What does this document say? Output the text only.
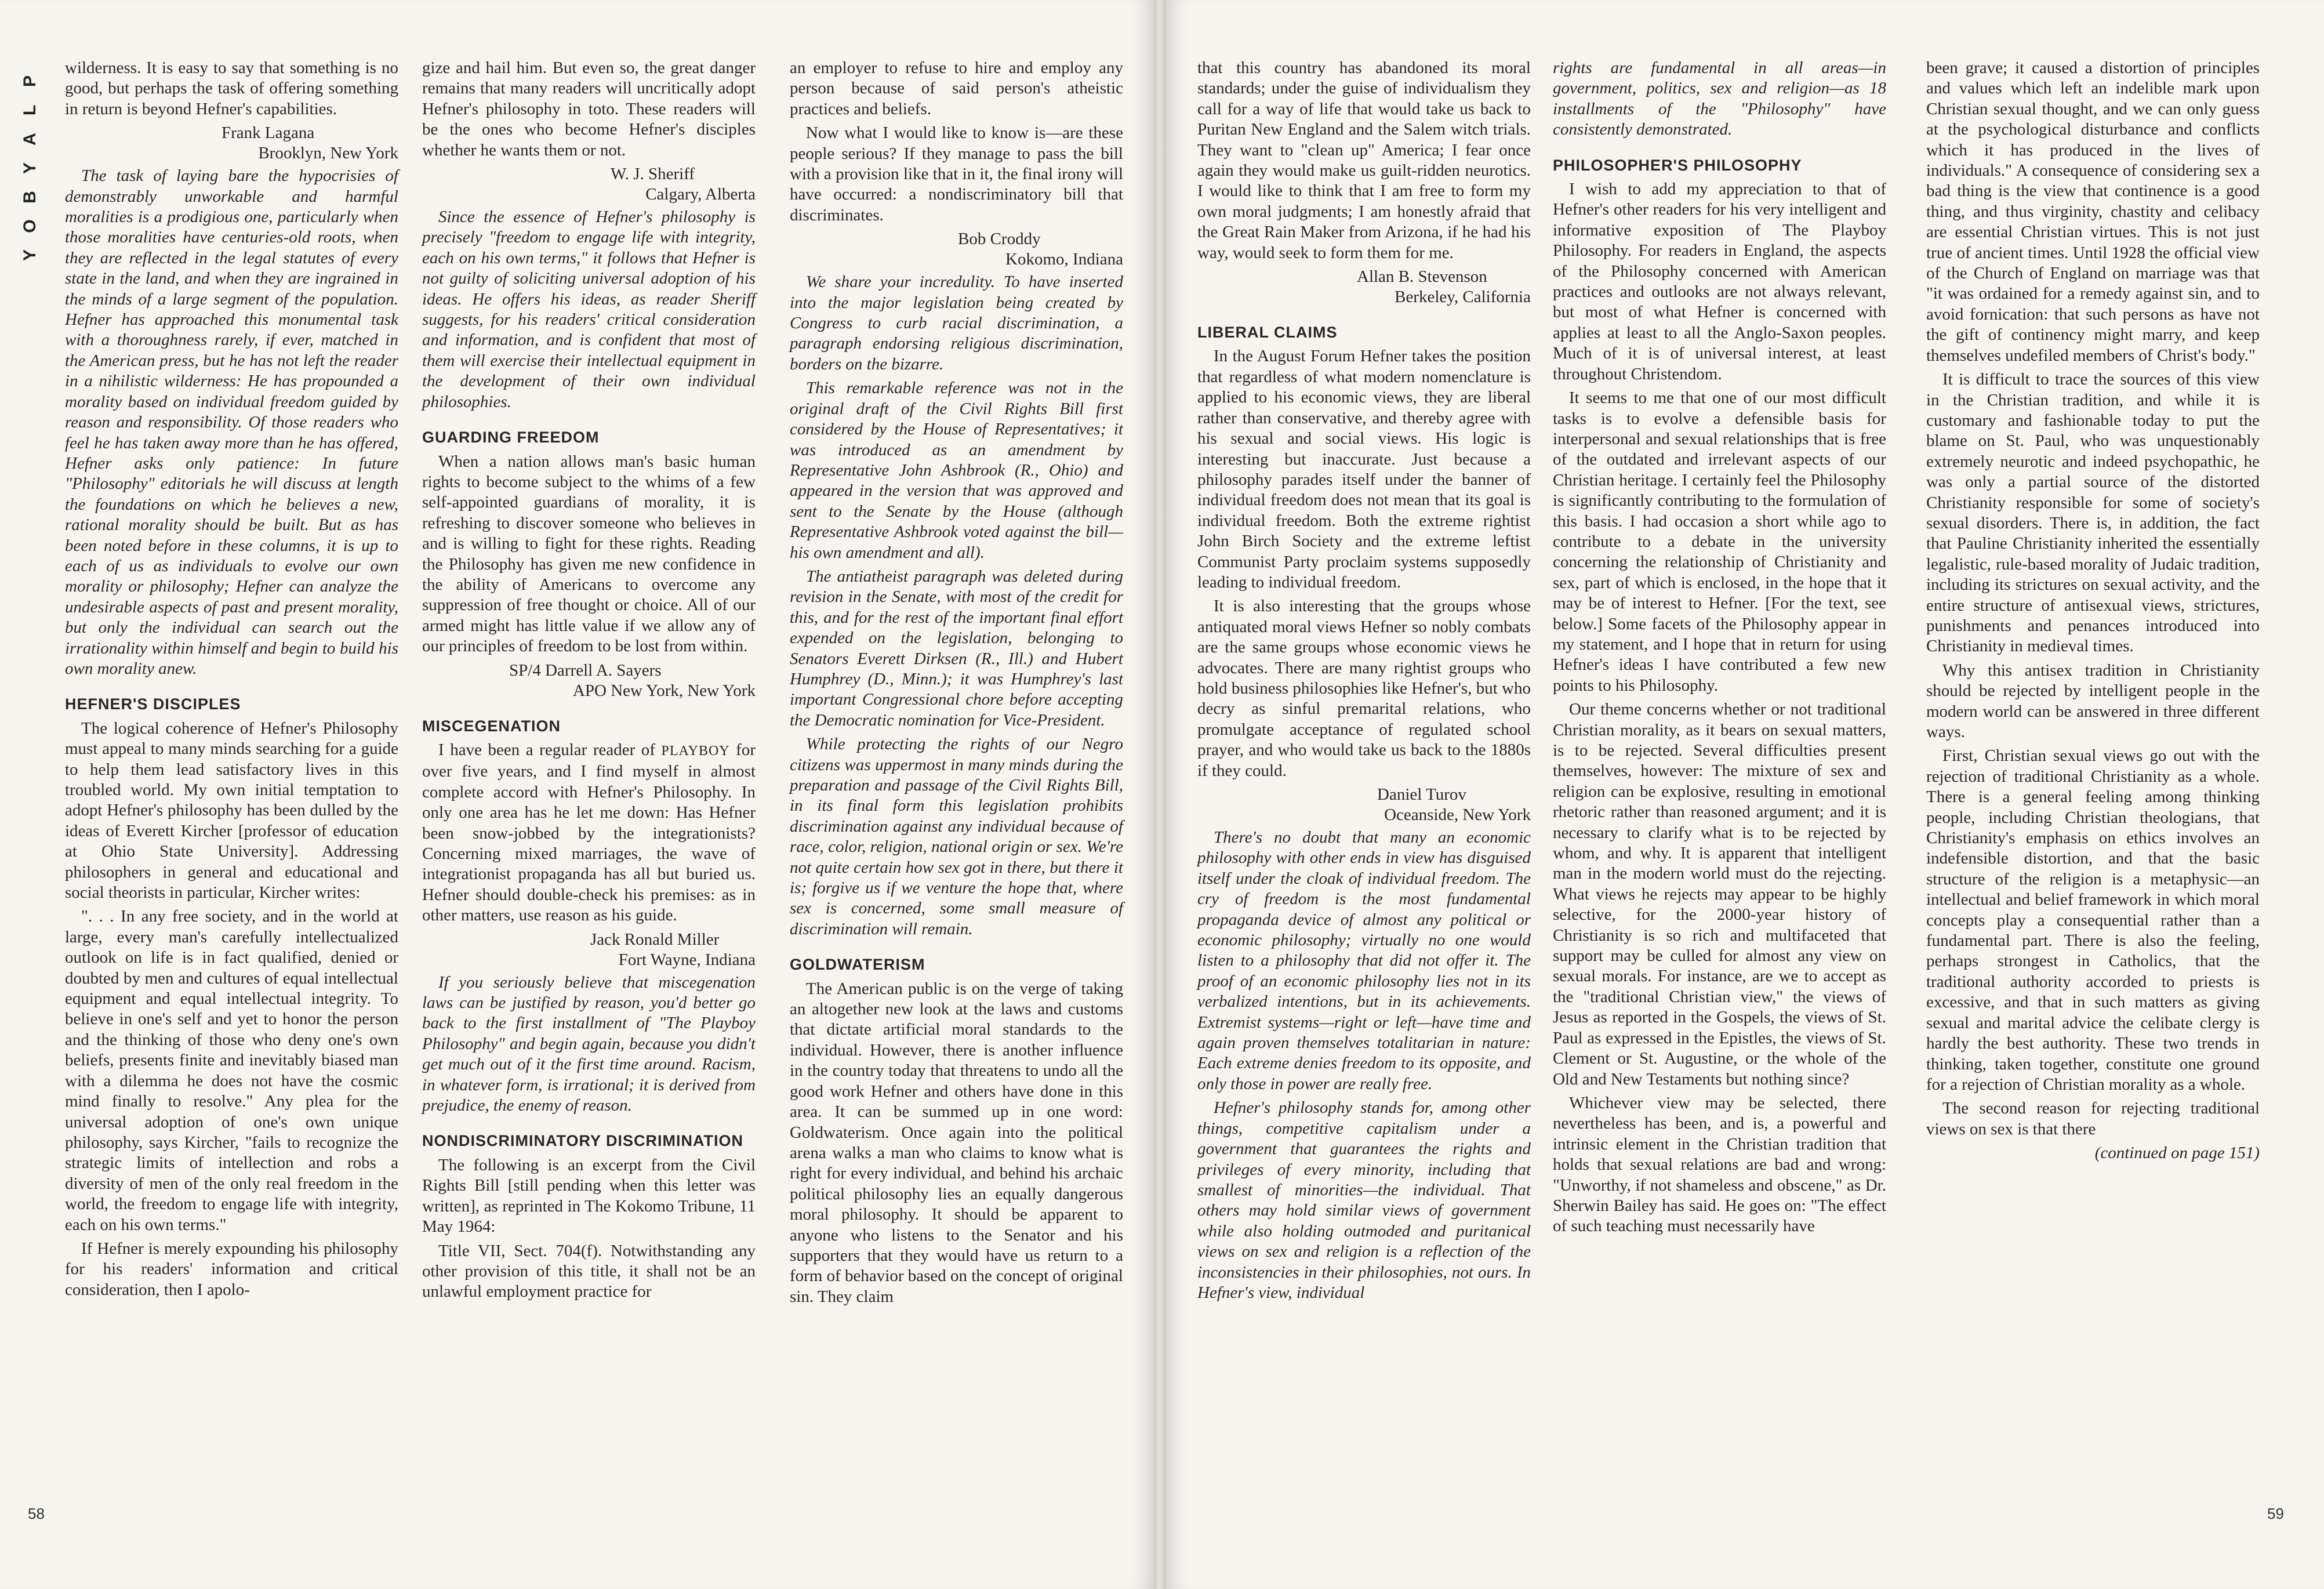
P
L
A
Y
B
O
Y

wilderness. It is easy to say that something is no good, but perhaps the task of offering something in return is beyond Hefner's capabilities.

Frank Lagana
Brooklyn, New York

The task of laying bare the hypocrisies of demonstrably unworkable and harmful moralities is a prodigious one, particularly when those moralities have centuries-old roots, when they are reflected in the legal statutes of every state in the land, and when they are ingrained in the minds of a large segment of the population. Hefner has approached this monumental task with a thoroughness rarely, if ever, matched in the American press, but he has not left the reader in a nihilistic wilderness: He has propounded a morality based on individual freedom guided by reason and responsibility. Of those readers who feel he has taken away more than he has offered, Hefner asks only patience: In future "Philosophy" editorials he will discuss at length the foundations on which he believes a new, rational morality should be built. But as has been noted before in these columns, it is up to each of us as individuals to evolve our own morality or philosophy; Hefner can analyze the undesirable aspects of past and present morality, but only the individual can search out the irrationality within himself and begin to build his own morality anew.

HEFNER'S DISCIPLES

The logical coherence of Hefner's Philosophy must appeal to many minds searching for a guide to help them lead satisfactory lives in this troubled world. My own initial temptation to adopt Hefner's philosophy has been dulled by the ideas of Everett Kircher [professor of education at Ohio State University]. Addressing philosophers in general and educational and social theorists in particular, Kircher writes:

". . . In any free society, and in the world at large, every man's carefully intellectualized outlook on life is in fact qualified, denied or doubted by men and cultures of equal intellectual equipment and equal intellectual integrity. To believe in one's self and yet to honor the person and the thinking of those who deny one's own beliefs, presents finite and inevitably biased man with a dilemma he does not have the cosmic mind finally to resolve." Any plea for the universal adoption of one's own unique philosophy, says Kircher, "fails to recognize the strategic limits of intellection and robs a diversity of men of the only real freedom in the world, the freedom to engage life with integrity, each on his own terms."

If Hefner is merely expounding his philosophy for his readers' information and critical consideration, then I apolo-

gize and hail him. But even so, the great danger remains that many readers will uncritically adopt Hefner's philosophy in toto. These readers will be the ones who become Hefner's disciples whether he wants them or not.

W. J. Sheriff
Calgary, Alberta

Since the essence of Hefner's philosophy is precisely "freedom to engage life with integrity, each on his own terms," it follows that Hefner is not guilty of soliciting universal adoption of his ideas. He offers his ideas, as reader Sheriff suggests, for his readers' critical consideration and information, and is confident that most of them will exercise their intellectual equipment in the development of their own individual philosophies.

GUARDING FREEDOM

When a nation allows man's basic human rights to become subject to the whims of a few self-appointed guardians of morality, it is refreshing to discover someone who believes in and is willing to fight for these rights. Reading the Philosophy has given me new confidence in the ability of Americans to overcome any suppression of free thought or choice. All of our armed might has little value if we allow any of our principles of freedom to be lost from within.

SP/4 Darrell A. Sayers
APO New York, New York
MISCEGENATION

I have been a regular reader of PLAYBOY for over five years, and I find myself in almost complete accord with Hefner's Philosophy. In only one area has he let me down: Has Hefner been snow-jobbed by the integrationists? Concerning mixed marriages, the wave of integrationist propaganda has all but buried us. Hefner should double-check his premises: as in other matters, use reason as his guide.

Jack Ronald Miller
Fort Wayne, Indiana

If you seriously believe that miscegenation laws can be justified by reason, you'd better go back to the first installment of "The Playboy Philosophy" and begin again, because you didn't get much out of it the first time around. Racism, in whatever form, is irrational; it is derived from prejudice, the enemy of reason.

NONDISCRIMINATORY DISCRIMINATION

The following is an excerpt from the Civil Rights Bill [still pending when this letter was written], as reprinted in The Kokomo Tribune, 11 May 1964:

Title VII, Sect. 704(f). Notwithstanding any other provision of this title, it shall not be an unlawful employment practice for

an employer to refuse to hire and employ any person because of said person's atheistic practices and beliefs.

Now what I would like to know is—are these people serious? If they manage to pass the bill with a provision like that in it, the final irony will have occurred: a nondiscriminatory bill that discriminates.

Bob Croddy
Kokomo, Indiana

We share your incredulity. To have inserted into the major legislation being created by Congress to curb racial discrimination, a paragraph endorsing religious discrimination, borders on the bizarre.

This remarkable reference was not in the original draft of the Civil Rights Bill first considered by the House of Representatives; it was introduced as an amendment by Representative John Ashbrook (R., Ohio) and appeared in the version that was approved and sent to the Senate by the House (although Representative Ashbrook voted against the bill—his own amendment and all).

The antiatheist paragraph was deleted during revision in the Senate, with most of the credit for this, and for the rest of the important final effort expended on the legislation, belonging to Senators Everett Dirksen (R., Ill.) and Hubert Humphrey (D., Minn.); it was Humphrey's last important Congressional chore before accepting the Democratic nomination for Vice-President.

While protecting the rights of our Negro citizens was uppermost in many minds during the preparation and passage of the Civil Rights Bill, in its final form this legislation prohibits discrimination against any individual because of race, color, religion, national origin or sex. We're not quite certain how sex got in there, but there it is; forgive us if we venture the hope that, where sex is concerned, some small measure of discrimination will remain.

GOLDWATERISM

The American public is on the verge of taking an altogether new look at the laws and customs that dictate artificial moral standards to the individual. However, there is another influence in the country today that threatens to undo all the good work Hefner and others have done in this area. It can be summed up in one word: Goldwaterism. Once again into the political arena walks a man who claims to know what is right for every individual, and behind his archaic political philosophy lies an equally dangerous moral philosophy. It should be apparent to anyone who listens to the Senator and his supporters that they would have us return to a form of behavior based on the concept of original sin. They claim

58

that this country has abandoned its moral standards; under the guise of individualism they call for a way of life that would take us back to Puritan New England and the Salem witch trials. They want to "clean up" America; I fear once again they would make us guilt-ridden neurotics. I would like to think that I am free to form my own moral judgments; I am honestly afraid that the Great Rain Maker from Arizona, if he had his way, would seek to form them for me.

Allan B. Stevenson
Berkeley, California
LIBERAL CLAIMS

In the August Forum Hefner takes the position that regardless of what modern nomenclature is applied to his economic views, they are liberal rather than conservative, and thereby agree with his sexual and social views. His logic is interesting but inaccurate. Just because a philosophy parades itself under the banner of individual freedom does not mean that its goal is individual freedom. Both the extreme rightist John Birch Society and the extreme leftist Communist Party proclaim systems supposedly leading to individual freedom.

It is also interesting that the groups whose antiquated moral views Hefner so nobly combats are the same groups whose economic views he advocates. There are many rightist groups who hold business philosophies like Hefner's, but who decry as sinful premarital relations, who promulgate acceptance of regulated school prayer, and who would take us back to the 1880s if they could.

Daniel Turov
Oceanside, New York

There's no doubt that many an economic philosophy with other ends in view has disguised itself under the cloak of individual freedom. The cry of freedom is the most fundamental propaganda device of almost any political or economic philosophy; virtually no one would listen to a philosophy that did not offer it. The proof of an economic philosophy lies not in its verbalized intentions, but in its achievements. Extremist systems—right or left—have time and again proven themselves totalitarian in nature: Each extreme denies freedom to its opposite, and only those in power are really free.

Hefner's philosophy stands for, among other things, competitive capitalism under a government that guarantees the rights and privileges of every minority, including that smallest of minorities—the individual. That others may hold similar views of government while also holding outmoded and puritanical views on sex and religion is a reflection of the inconsistencies in their philosophies, not ours. In Hefner's view, individual

rights are fundamental in all areas—in government, politics, sex and religion—as 18 installments of the "Philosophy" have consistently demonstrated.

PHILOSOPHER'S PHILOSOPHY

I wish to add my appreciation to that of Hefner's other readers for his very intelligent and informative exposition of The Playboy Philosophy. For readers in England, the aspects of the Philosophy concerned with American practices and outlooks are not always relevant, but most of what Hefner is concerned with applies at least to all the Anglo-Saxon peoples. Much of it is of universal interest, at least throughout Christendom.

It seems to me that one of our most difficult tasks is to evolve a defensible basis for interpersonal and sexual relationships that is free of the outdated and irrelevant aspects of our Christian heritage. I certainly feel the Philosophy is significantly contributing to the formulation of this basis. I had occasion a short while ago to contribute to a debate in the university concerning the relationship of Christianity and sex, part of which is enclosed, in the hope that it may be of interest to Hefner. [For the text, see below.] Some facets of the Philosophy appear in my statement, and I hope that in return for using Hefner's ideas I have contributed a few new points to his Philosophy.

Our theme concerns whether or not traditional Christian morality, as it bears on sexual matters, is to be rejected. Several difficulties present themselves, however: The mixture of sex and religion can be explosive, resulting in emotional rhetoric rather than reasoned argument; and it is necessary to clarify what is to be rejected by whom, and why. It is apparent that intelligent man in the modern world must do the rejecting. What views he rejects may appear to be highly selective, for the 2000-year history of Christianity is so rich and multifaceted that support may be culled for almost any view on sexual morals. For instance, are we to accept as the "traditional Christian view," the views of Jesus as reported in the Gospels, the views of St. Paul as expressed in the Epistles, the views of St. Clement or St. Augustine, or the whole of the Old and New Testaments but nothing since?

Whichever view may be selected, there nevertheless has been, and is, a powerful and intrinsic element in the Christian tradition that holds that sexual relations are bad and wrong: "Unworthy, if not shameless and obscene," as Dr. Sherwin Bailey has said. He goes on: "The effect of such teaching must necessarily have

been grave; it caused a distortion of principles and values which left an indelible mark upon Christian sexual thought, and we can only guess at the psychological disturbance and conflicts which it has produced in the lives of individuals." A consequence of considering sex a bad thing is the view that continence is a good thing, and thus virginity, chastity and celibacy are essential Christian virtues. This is not just true of ancient times. Until 1928 the official view of the Church of England on marriage was that "it was ordained for a remedy against sin, and to avoid fornication: that such persons as have not the gift of continency might marry, and keep themselves undefiled members of Christ's body."

It is difficult to trace the sources of this view in the Christian tradition, and while it is customary and fashionable today to put the blame on St. Paul, who was unquestionably extremely neurotic and indeed psychopathic, he was only a partial source of the distorted Christianity responsible for some of society's sexual disorders. There is, in addition, the fact that Pauline Christianity inherited the essentially legalistic, rule-based morality of Judaic tradition, including its strictures on sexual activity, and the entire structure of antisexual views, strictures, punishments and penances introduced into Christianity in medieval times.

Why this antisex tradition in Christianity should be rejected by intelligent people in the modern world can be answered in three different ways.

First, Christian sexual views go out with the rejection of traditional Christianity as a whole. There is a general feeling among thinking people, including Christian theologians, that Christianity's emphasis on ethics involves an indefensible distortion, and that the basic structure of the religion is a metaphysic—an intellectual and belief framework in which moral concepts play a consequential rather than a fundamental part. There is also the feeling, perhaps strongest in Catholics, that the traditional authority accorded to priests is excessive, and that in such matters as giving sexual and marital advice the celibate clergy is hardly the best authority. These two trends in thinking, taken together, constitute one ground for a rejection of Christian morality as a whole.

The second reason for rejecting traditional views on sex is that there

(continued on page 151)
59
